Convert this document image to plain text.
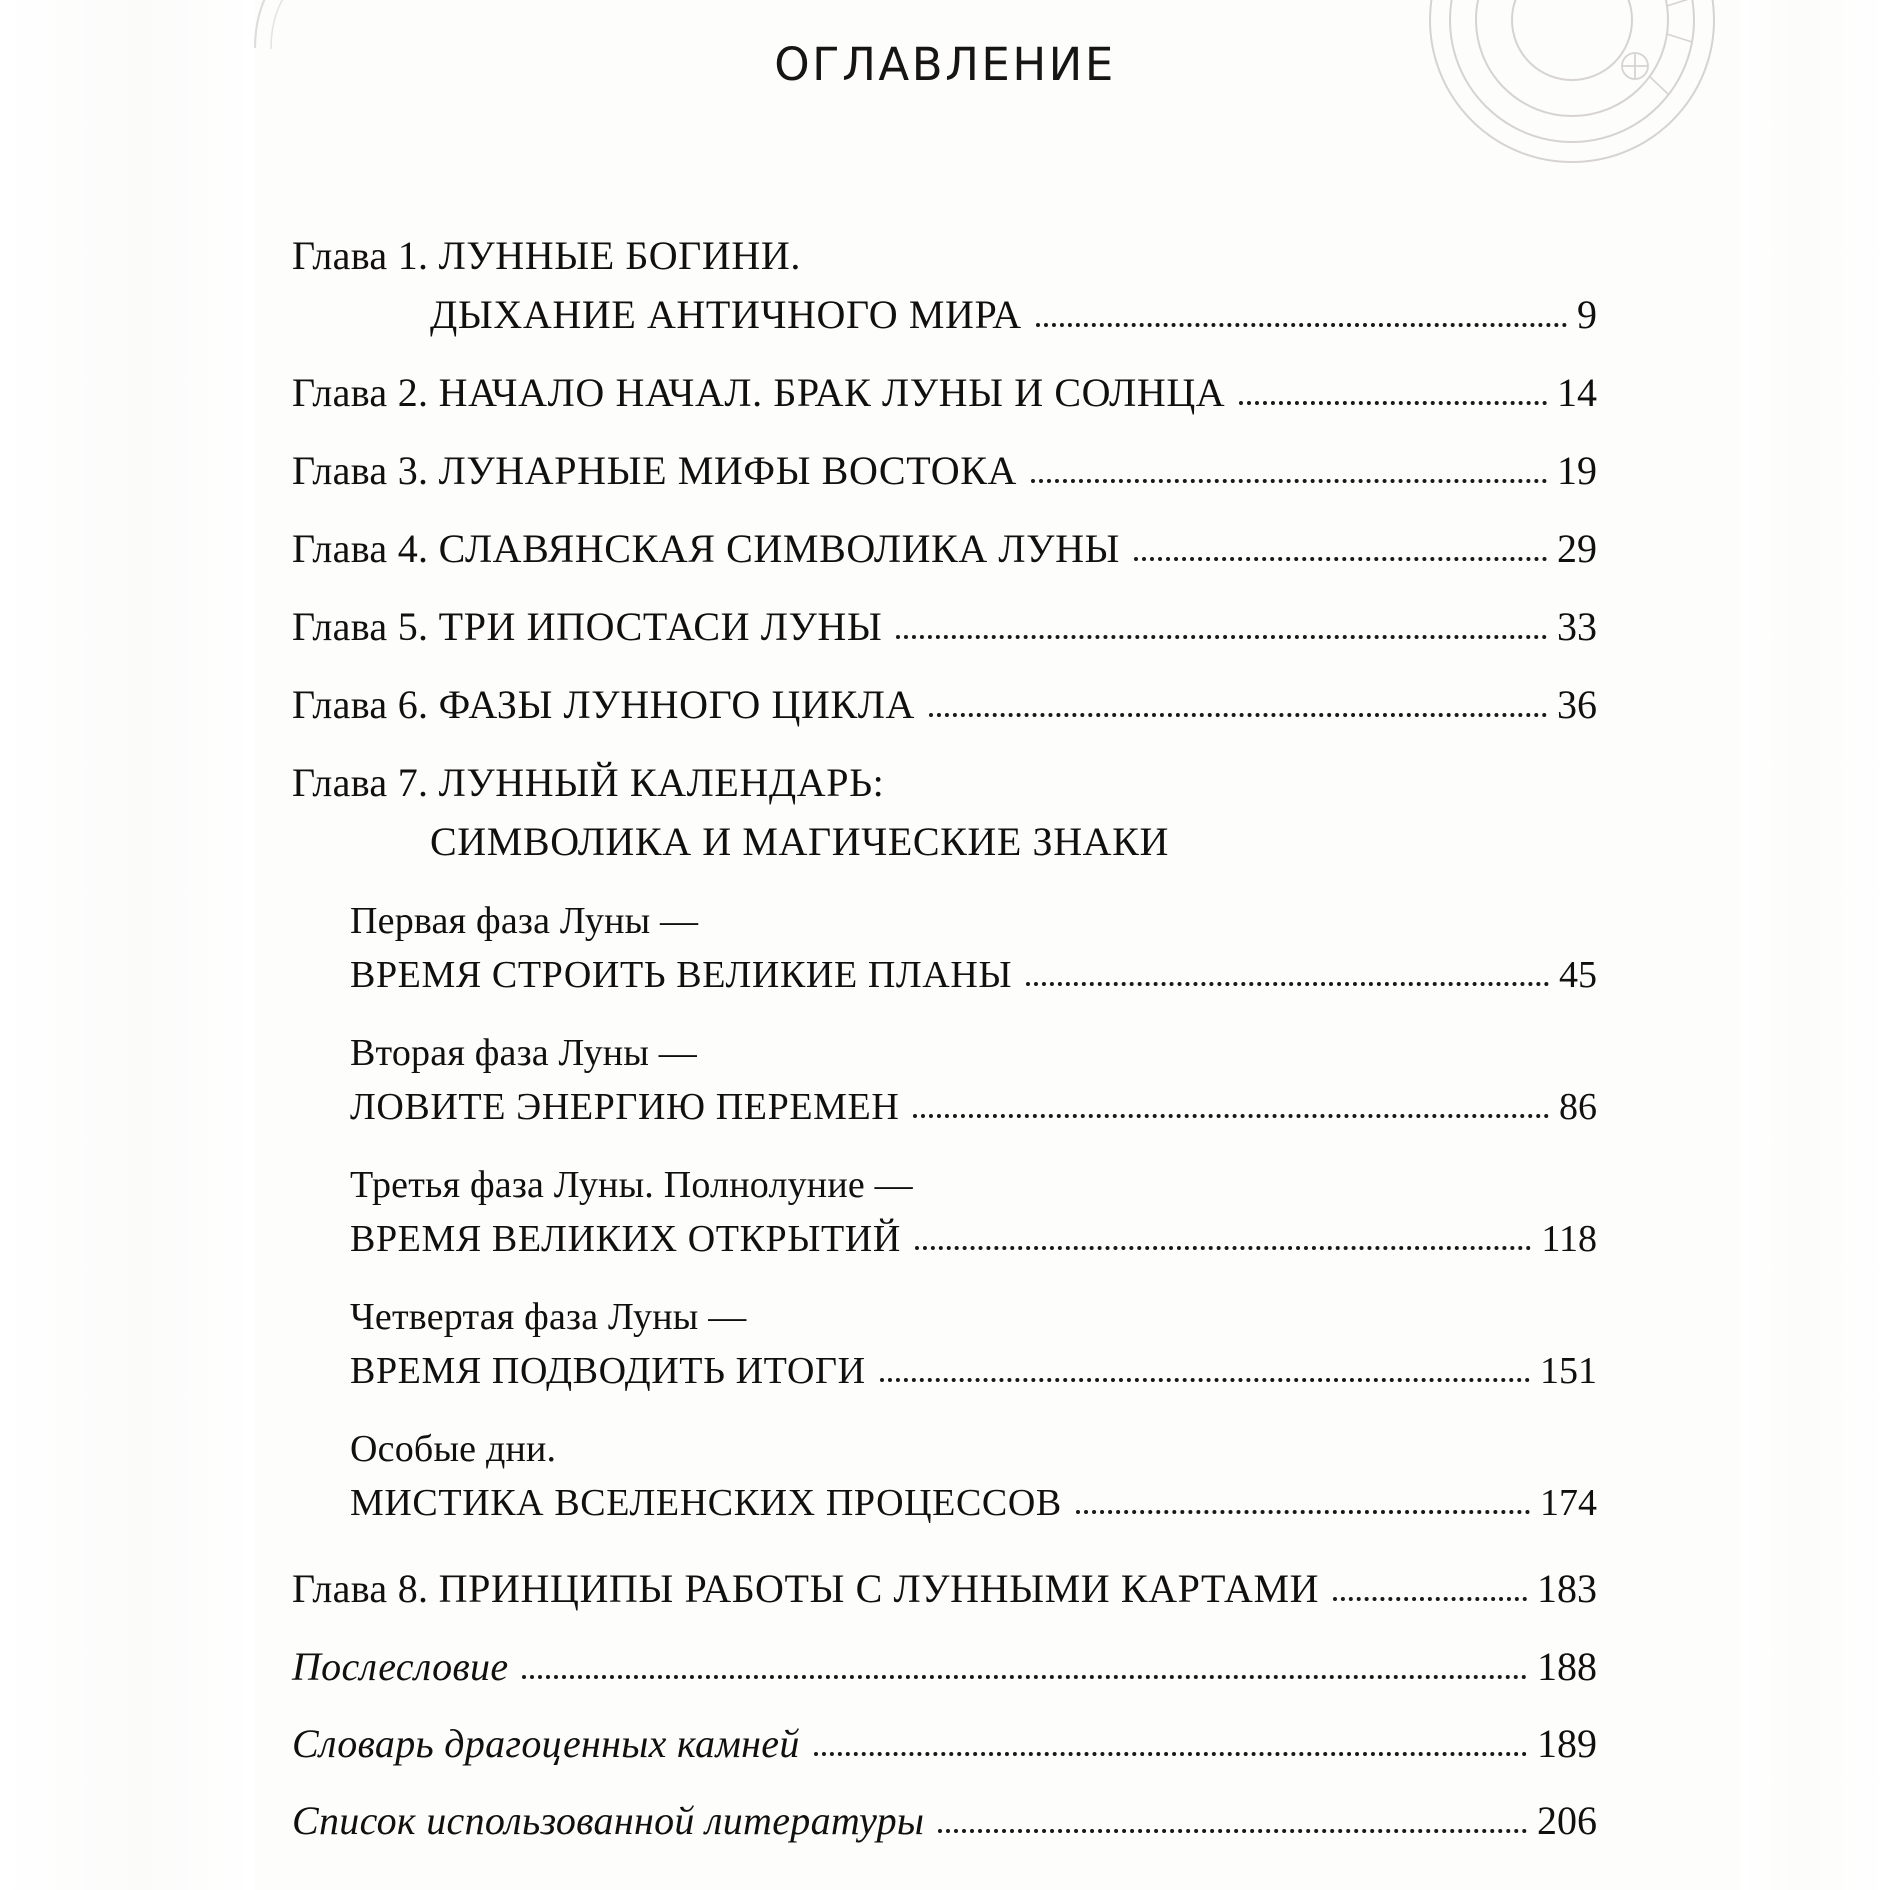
ОГЛАВЛЕНИЕ
Глава 1. ЛУННЫЕ БОГИНИ.
ДЫХАНИЕ АНТИЧНОГО МИРА	9
Глава 2. НАЧАЛО НАЧАЛ. БРАК ЛУНЫ И СОЛНЦА	14
Глава 3. ЛУНАРНЫЕ МИФЫ ВОСТОКА	19
Глава 4. СЛАВЯНСКАЯ СИМВОЛИКА ЛУНЫ	29
Глава 5. ТРИ ИПОСТАСИ ЛУНЫ	33
Глава 6. ФАЗЫ ЛУННОГО ЦИКЛА	36
Глава 7. ЛУННЫЙ КАЛЕНДАРЬ:
СИМВОЛИКА И МАГИЧЕСКИЕ ЗНАКИ
Первая фаза Луны —
ВРЕМЯ СТРОИТЬ ВЕЛИКИЕ ПЛАНЫ	45
Вторая фаза Луны —
ЛОВИТЕ ЭНЕРГИЮ ПЕРЕМЕН	86
Третья фаза Луны. Полнолуние —
ВРЕМЯ ВЕЛИКИХ ОТКРЫТИЙ	118
Четвертая фаза Луны —
ВРЕМЯ ПОДВОДИТЬ ИТОГИ	151
Особые дни.
МИСТИКА ВСЕЛЕНСКИХ ПРОЦЕССОВ	174
Глава 8. ПРИНЦИПЫ РАБОТЫ С ЛУННЫМИ КАРТАМИ	183
Послесловие	188
Словарь драгоценных камней	189
Список использованной литературы	206
